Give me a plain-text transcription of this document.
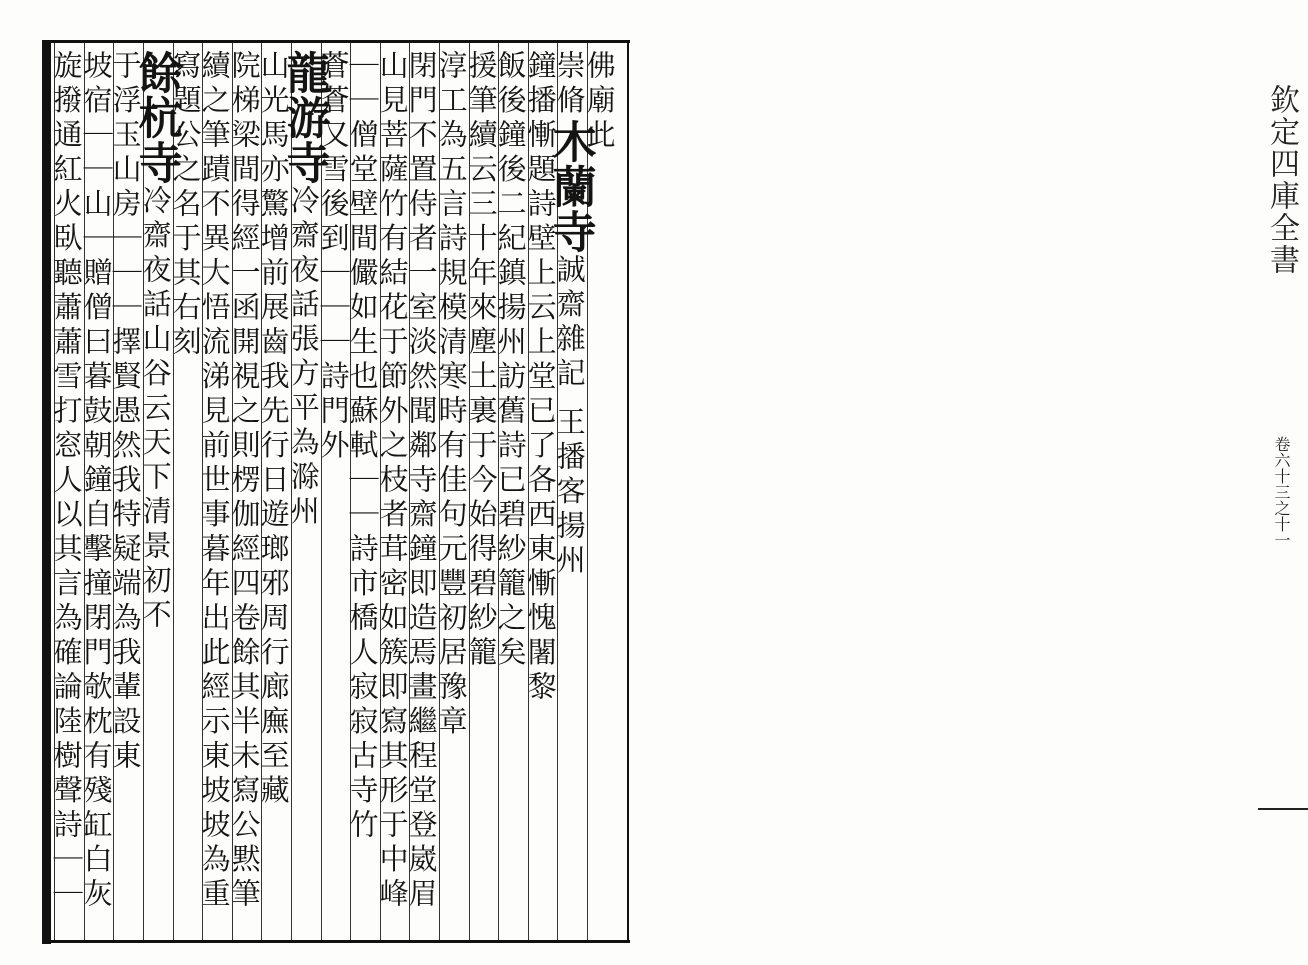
欽定四庫全書
卷六十三之十一
佛廟此
崇脩木蘭寺誠齋雜記 王播客揚州
鐘播慚題詩壁上云上堂已了各西東慚愧闍黎
飯後鐘後二紀鎮揚州訪舊詩已碧紗籠之矣
援筆續云三十年來塵土裏于今始得碧紗籠
淳工為五言詩規模清寒時有佳句元豐初居豫章
閉門不置侍者一室淡然聞鄰寺齋鐘即造焉畫繼程堂登崴眉
山見菩薩竹有結花于節外之枝者茸密如簇即寫其形于中峰
｜｜僧堂壁間儼如生也蘇軾｜｜詩市橋人寂寂古寺竹
蒼蒼又雪後到｜｜｜詩門外
龍游寺冷齋夜話張方平為滁州
山光馬亦驚增前展齒我先行日遊瑯邪周行廊廡至藏
院梯梁間得經一函開視之則楞伽經四卷餘其半未寫公黙筆
續之筆蹟不異大悟流涕見前世事暮年出此經示東坡坡為重
寫題公之名于其右刻
餘杭寺冷齋夜話山谷云天下清景初不
于浮玉山房｜｜｜擇賢愚然我特疑端為我輩設東
坡宿｜｜山｜贈僧曰暮鼓朝鐘自擊撞閉門欹枕有殘缸白灰
旋撥通紅火臥聽蕭蕭雪打窓人以其言為確論陸樹聲詩｜｜
